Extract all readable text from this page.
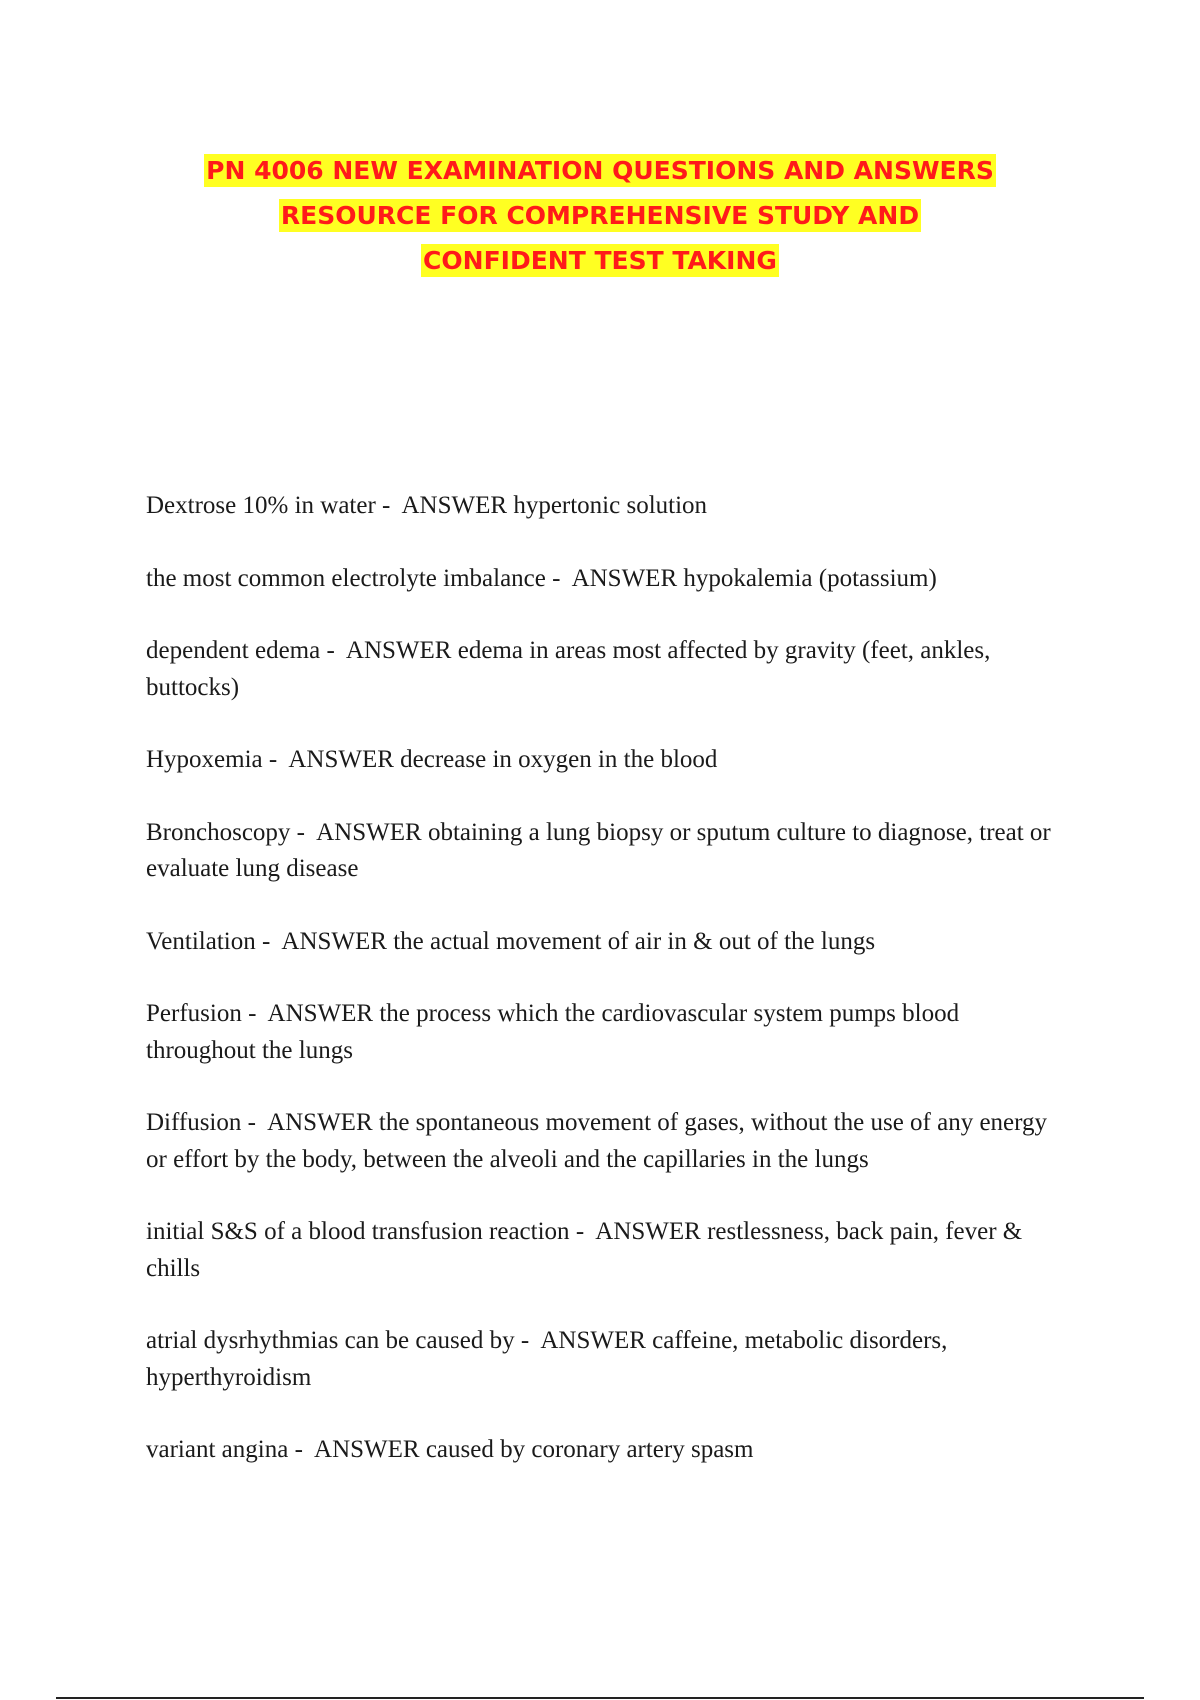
PN 4006 NEW EXAMINATION QUESTIONS AND ANSWERS
RESOURCE FOR COMPREHENSIVE STUDY AND
CONFIDENT TEST TAKING
Dextrose 10% in water - ANSWER hypertonic solution
the most common electrolyte imbalance - ANSWER hypokalemia (potassium)
dependent edema - ANSWER edema in areas most affected by gravity (feet, ankles, buttocks)
Hypoxemia - ANSWER decrease in oxygen in the blood
Bronchoscopy - ANSWER obtaining a lung biopsy or sputum culture to diagnose, treat or evaluate lung disease
Ventilation - ANSWER the actual movement of air in & out of the lungs
Perfusion - ANSWER the process which the cardiovascular system pumps blood throughout the lungs
Diffusion - ANSWER the spontaneous movement of gases, without the use of any energy or effort by the body, between the alveoli and the capillaries in the lungs
initial S&S of a blood transfusion reaction - ANSWER restlessness, back pain, fever & chills
atrial dysrhythmias can be caused by - ANSWER caffeine, metabolic disorders, hyperthyroidism
variant angina - ANSWER caused by coronary artery spasm
